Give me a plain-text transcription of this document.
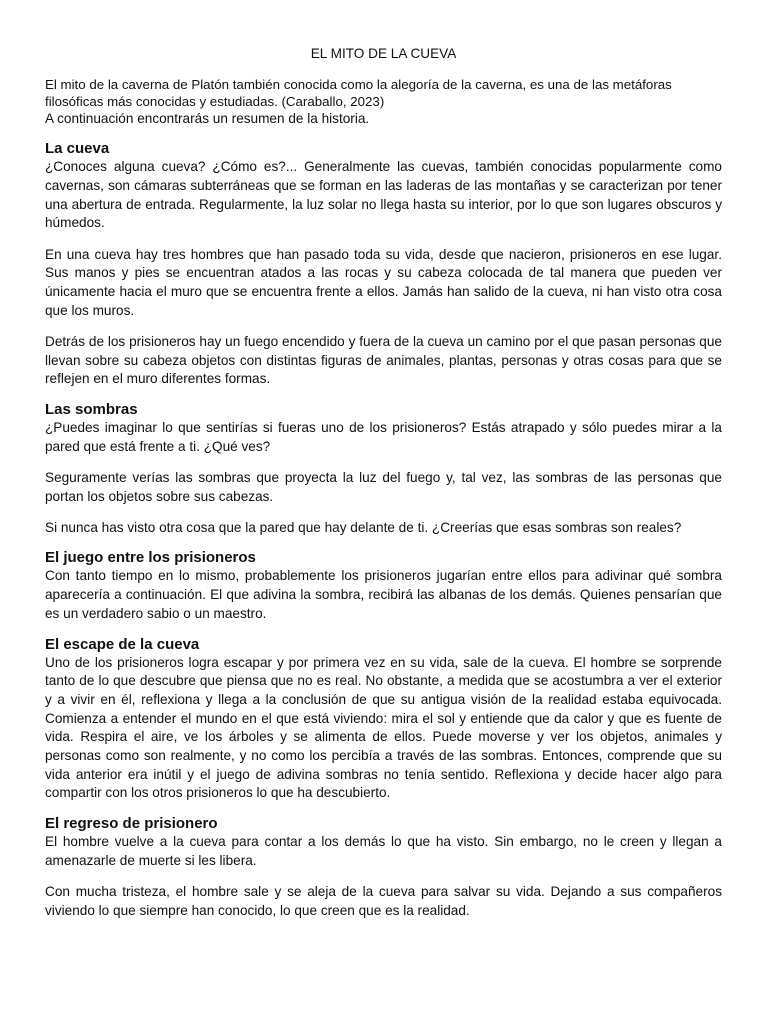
EL MITO DE LA CUEVA

El mito de la caverna de Platón también conocida como la alegoría de la caverna, es una de las metáforas filosóficas más conocidas y estudiadas. (Caraballo, 2023)

A continuación encontrarás un resumen de la historia.

La cueva

¿Conoces alguna cueva? ¿Cómo es?... Generalmente las cuevas, también conocidas popularmente como cavernas, son cámaras subterráneas que se forman en las laderas de las montañas y se caracterizan por tener una abertura de entrada. Regularmente, la luz solar no llega hasta su interior, por lo que son lugares obscuros y húmedos.

En una cueva hay tres hombres que han pasado toda su vida, desde que nacieron, prisioneros en ese lugar. Sus manos y pies se encuentran atados a las rocas y su cabeza colocada de tal manera que pueden ver únicamente hacia el muro que se encuentra frente a ellos. Jamás han salido de la cueva, ni han visto otra cosa que los muros.

Detrás de los prisioneros hay un fuego encendido y fuera de la cueva un camino por el que pasan personas que llevan sobre su cabeza objetos con distintas figuras de animales, plantas, personas y otras cosas para que se reflejen en el muro diferentes formas.

Las sombras

¿Puedes imaginar lo que sentirías si fueras uno de los prisioneros? Estás atrapado y sólo puedes mirar a la pared que está frente a ti. ¿Qué ves?

Seguramente verías las sombras que proyecta la luz del fuego y, tal vez, las sombras de las personas que portan los objetos sobre sus cabezas.

Si nunca has visto otra cosa que la pared que hay delante de ti. ¿Creerías que esas sombras son reales?

El juego entre los prisioneros

Con tanto tiempo en lo mismo, probablemente los prisioneros jugarían entre ellos para adivinar qué sombra aparecería a continuación. El que adivina la sombra, recibirá las albanas de los demás. Quienes pensarían que es un verdadero sabio o un maestro.

El escape de la cueva

Uno de los prisioneros logra escapar y por primera vez en su vida, sale de la cueva. El hombre se sorprende tanto de lo que descubre que piensa que no es real. No obstante, a medida que se acostumbra a ver el exterior y a vivir en él, reflexiona y llega a la conclusión de que su antigua visión de la realidad estaba equivocada. Comienza a entender el mundo en el que está viviendo: mira el sol y entiende que da calor y que es fuente de vida. Respira el aire, ve los árboles y se alimenta de ellos. Puede moverse y ver los objetos, animales y personas como son realmente, y no como los percibía a través de las sombras. Entonces, comprende que su vida anterior era inútil y el juego de adivina sombras no tenía sentido. Reflexiona y decide hacer algo para compartir con los otros prisioneros lo que ha descubierto.

El regreso de prisionero

El hombre vuelve a la cueva para contar a los demás lo que ha visto. Sin embargo, no le creen y llegan a amenazarle de muerte si les libera.

Con mucha tristeza, el hombre sale y se aleja de la cueva para salvar su vida. Dejando a sus compañeros viviendo lo que siempre han conocido, lo que creen que es la realidad.
